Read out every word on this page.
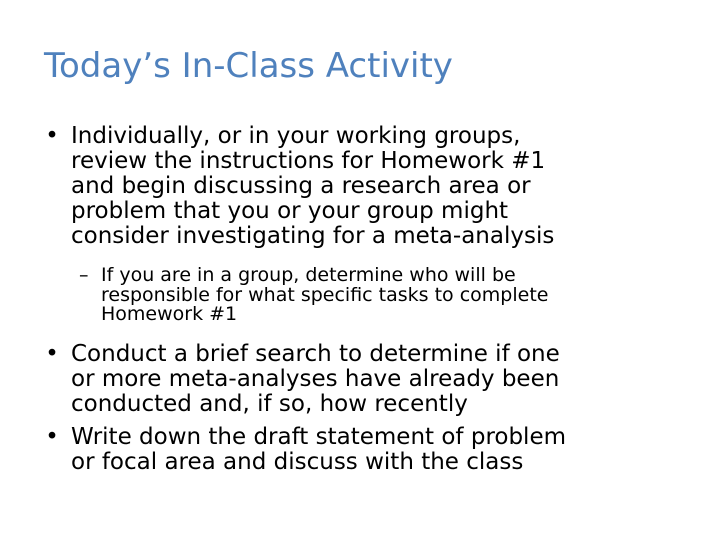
Today’s In-Class Activity
• Individually, or in your working groups,
review the instructions for Homework #1
and begin discussing a research area or
problem that you or your group might
consider investigating for a meta-analysis
– If you are in a group, determine who will be
responsible for what specific tasks to complete
Homework #1
• Conduct a brief search to determine if one
or more meta-analyses have already been
conducted and, if so, how recently
• Write down the draft statement of problem
or focal area and discuss with the class
